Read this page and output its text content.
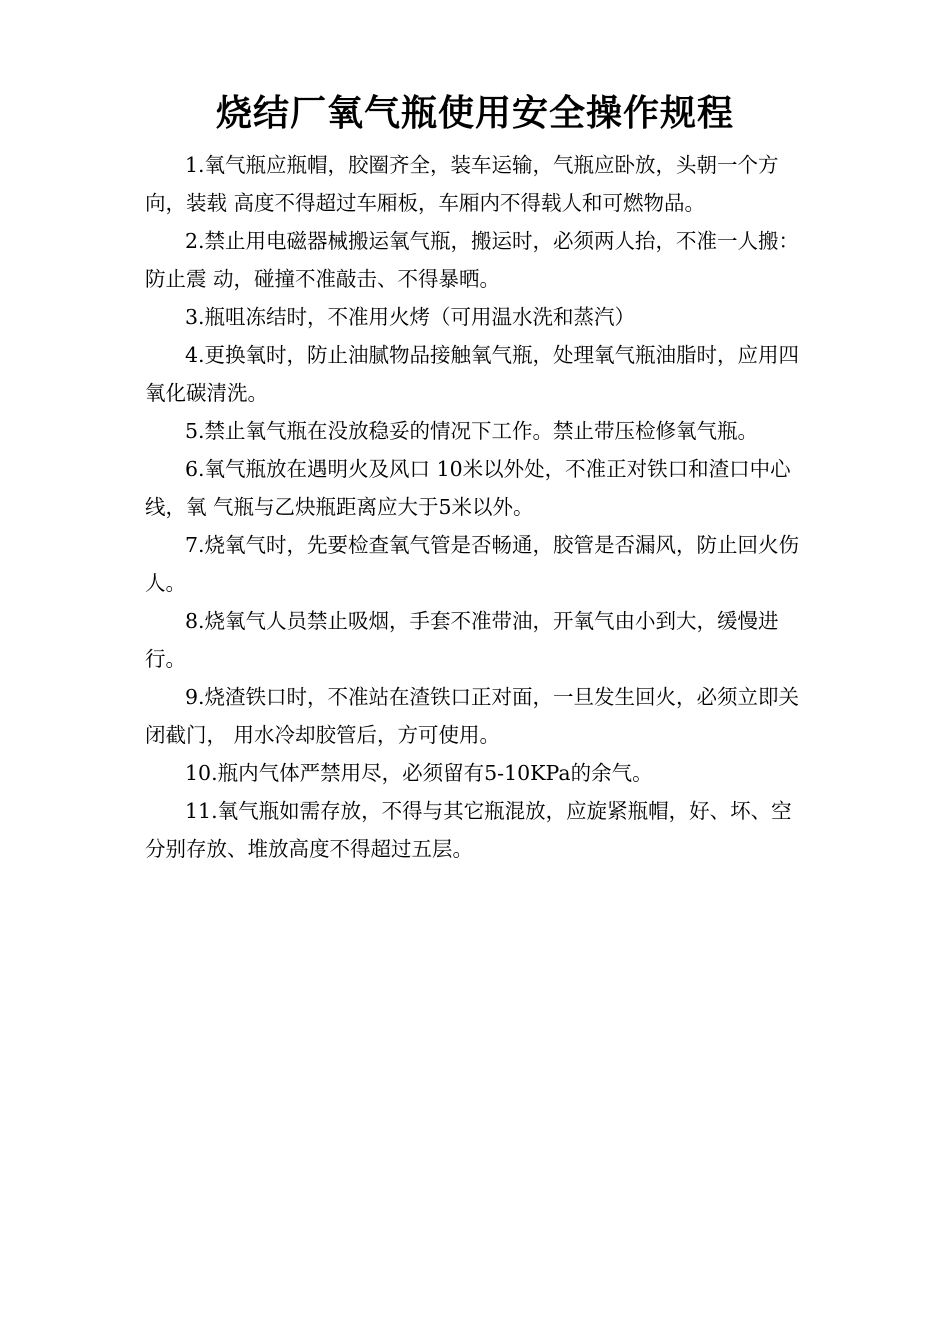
烧结厂氧气瓶使用安全操作规程

1.氧气瓶应瓶帽，胶圈齐全，装车运输，气瓶应卧放，头朝一个方向，装载 高度不得超过车厢板，车厢内不得载人和可燃物品。

2.禁止用电磁器械搬运氧气瓶，搬运时，必须两人抬，不准一人搬：防止震 动，碰撞不准敲击、不得暴晒。

3.瓶咀冻结时，不准用火烤（可用温水洗和蒸汽）

4.更换氧时，防止油腻物品接触氧气瓶，处理氧气瓶油脂时，应用四氧化碳清洗。

5.禁止氧气瓶在没放稳妥的情况下工作。禁止带压检修氧气瓶。

6.氧气瓶放在遇明火及风口 10米以外处，不准正对铁口和渣口中心线，氧 气瓶与乙炔瓶距离应大于5米以外。

7.烧氧气时，先要检查氧气管是否畅通，胶管是否漏风，防止回火伤人。

8.烧氧气人员禁止吸烟，手套不准带油，开氧气由小到大，缓慢进行。

9.烧渣铁口时，不准站在渣铁口正对面，一旦发生回火，必须立即关闭截门， 用水冷却胶管后，方可使用。

10.瓶内气体严禁用尽，必须留有5-10KPa的余气。

11.氧气瓶如需存放，不得与其它瓶混放，应旋紧瓶帽，好、坏、空分别存放、堆放高度不得超过五层。
